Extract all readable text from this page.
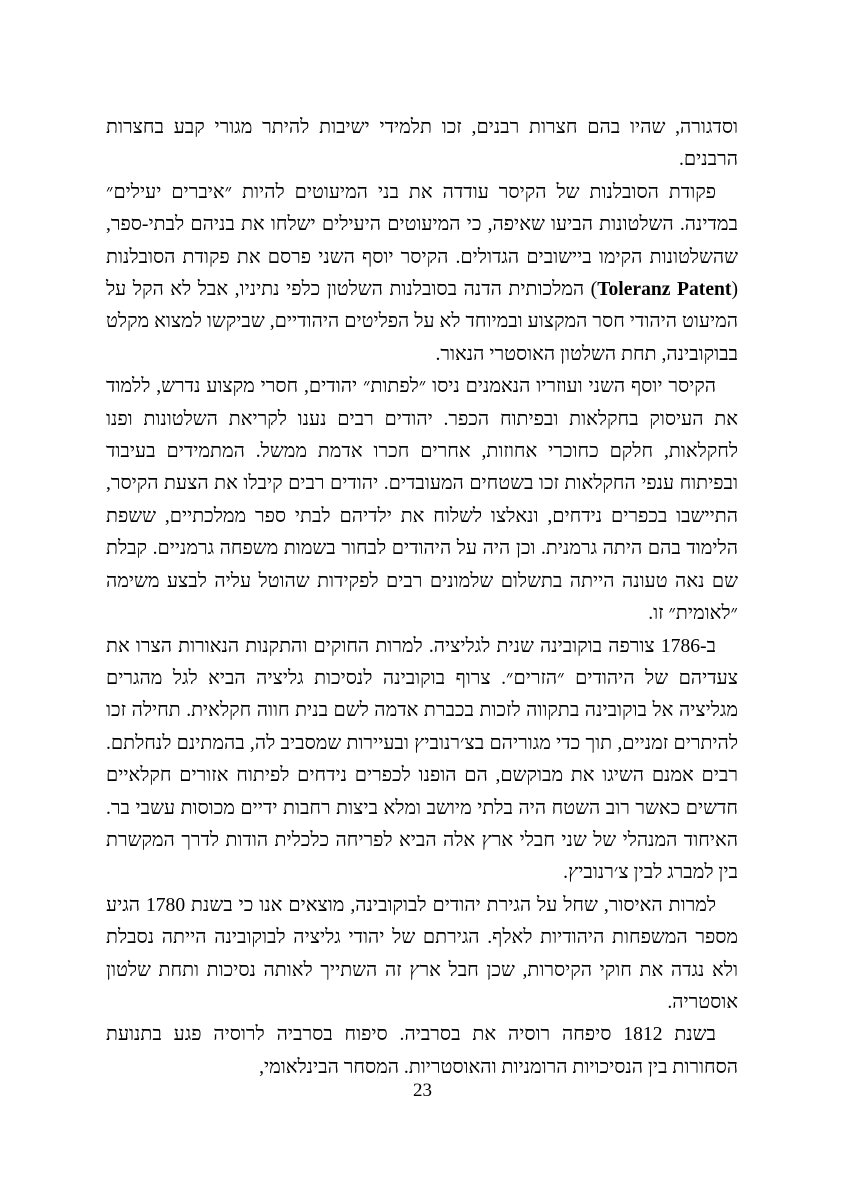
וסדגורה, שהיו בהם חצרות רבנים, זכו תלמידי ישיבות להיתר מגורי קבע בחצרות הרבנים.

פקודת הסובלנות של הקיסר עודדה את בני המיעוטים להיות ״איברים יעילים״ במדינה. השלטונות הביעו שאיפה, כי המיעוטים היעילים ישלחו את בניהם לבתי-ספר, שהשלטונות הקימו ביישובים הגדולים. הקיסר יוסף השני פרסם את פקודת הסובלנות (Toleranz Patent) המלכותית הדנה בסובלנות השלטון כלפי נתיניו, אבל לא הקל על המיעוט היהודי חסר המקצוע ובמיוחד לא על הפליטים היהודיים, שביקשו למצוא מקלט בבוקובינה, תחת השלטון האוסטרי הנאור.

הקיסר יוסף השני ועוזריו הנאמנים ניסו ״לפתות״ יהודים, חסרי מקצוע נדרש, ללמוד את העיסוק בחקלאות ובפיתוח הכפר. יהודים רבים נענו לקריאת השלטונות ופנו לחקלאות, חלקם כחוכרי אחוזות, אחרים חכרו אדמת ממשל. המתמידים בעיבוד ובפיתוח ענפי החקלאות זכו בשטחים המעובדים. יהודים רבים קיבלו את הצעת הקיסר, התיישבו בכפרים נידחים, ונאלצו לשלוח את ילדיהם לבתי ספר ממלכתיים, ששפת הלימוד בהם היתה גרמנית. וכן היה על היהודים לבחור בשמות משפחה גרמניים. קבלת שם נאה טעונה הייתה בתשלום שלמונים רבים לפקידות שהוטל עליה לבצע משימה ״לאומית״ זו.

ב-1786 צורפה בוקובינה שנית לגליציה. למרות החוקים והתקנות הנאורות הצרו את צעדיהם של היהודים ״הזרים״. צרוף בוקובינה לנסיכות גליציה הביא לגל מהגרים מגליציה אל בוקובינה בתקווה לזכות בכברת אדמה לשם בנית חווה חקלאית. תחילה זכו להיתרים זמניים, תוך כדי מגוריהם בצ׳רנוביץ ובעיירות שמסביב לה, בהמתינם לנחלתם. רבים אמנם השיגו את מבוקשם, הם הופנו לכפרים נידחים לפיתוח אזורים חקלאיים חדשים כאשר רוב השטח היה בלתי מיושב ומלא ביצות רחבות ידיים מכוסות עשבי בר. האיחוד המנהלי של שני חבלי ארץ אלה הביא לפריחה כלכלית הודות לדרך המקשרת בין למברג לבין צ׳רנוביץ.

למרות האיסור, שחל על הגירת יהודים לבוקובינה, מוצאים אנו כי בשנת 1780 הגיע מספר המשפחות היהודיות לאלף. הגירתם של יהודי גליציה לבוקובינה הייתה נסבלת ולא נגדה את חוקי הקיסרות, שכן חבל ארץ זה השתייך לאותה נסיכות ותחת שלטון אוסטריה.

בשנת 1812 סיפחה רוסיה את בסרביה. סיפוח בסרביה לרוסיה פגע בתנועת הסחורות בין הנסיכויות הרומניות והאוסטריות. המסחר הבינלאומי,

23
